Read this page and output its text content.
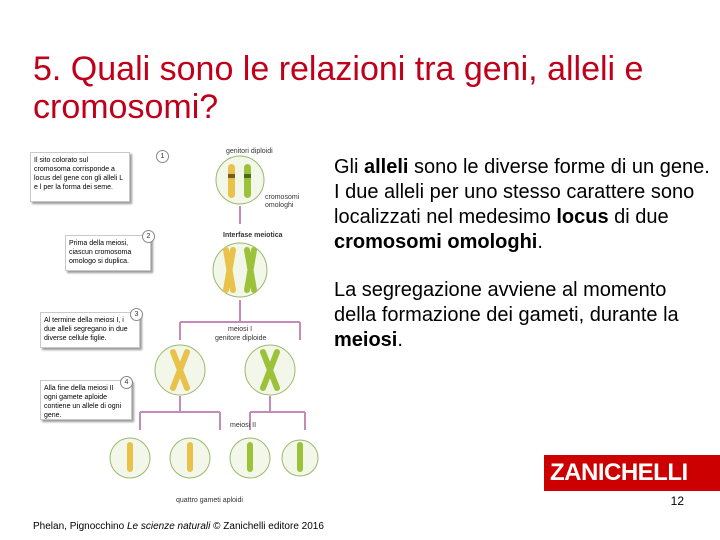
5. Quali sono le relazioni tra geni, alleli e cromosomi?

Gli alleli sono le diverse forme di un gene. I due alleli per uno stesso carattere sono localizzati nel medesimo locus di due cromosomi omologhi.

La segregazione avviene al momento della formazione dei gameti, durante la meiosi.

Il sito colorato sul cromosoma corrisponde a locus del gene con gli alleli L e l per la forma dei seme.
1
Prima della meiosi, ciascun cromosoma omologo si duplica.
2
Al termine della meiosi I, i due alleli segregano in due diverse cellule figlie.
3
Alla fine della meiosi II ogni gamete aploide contiene un allele di ogni gene.
4
genitori diploidi
cromosomi omologhi
Interfase meiotica
meiosi I
genitore diploide
meiosi II
quattro gameti aploidi
ZANICHELLI
12
Phelan, Pignocchino Le scienze naturali © Zanichelli editore 2016
